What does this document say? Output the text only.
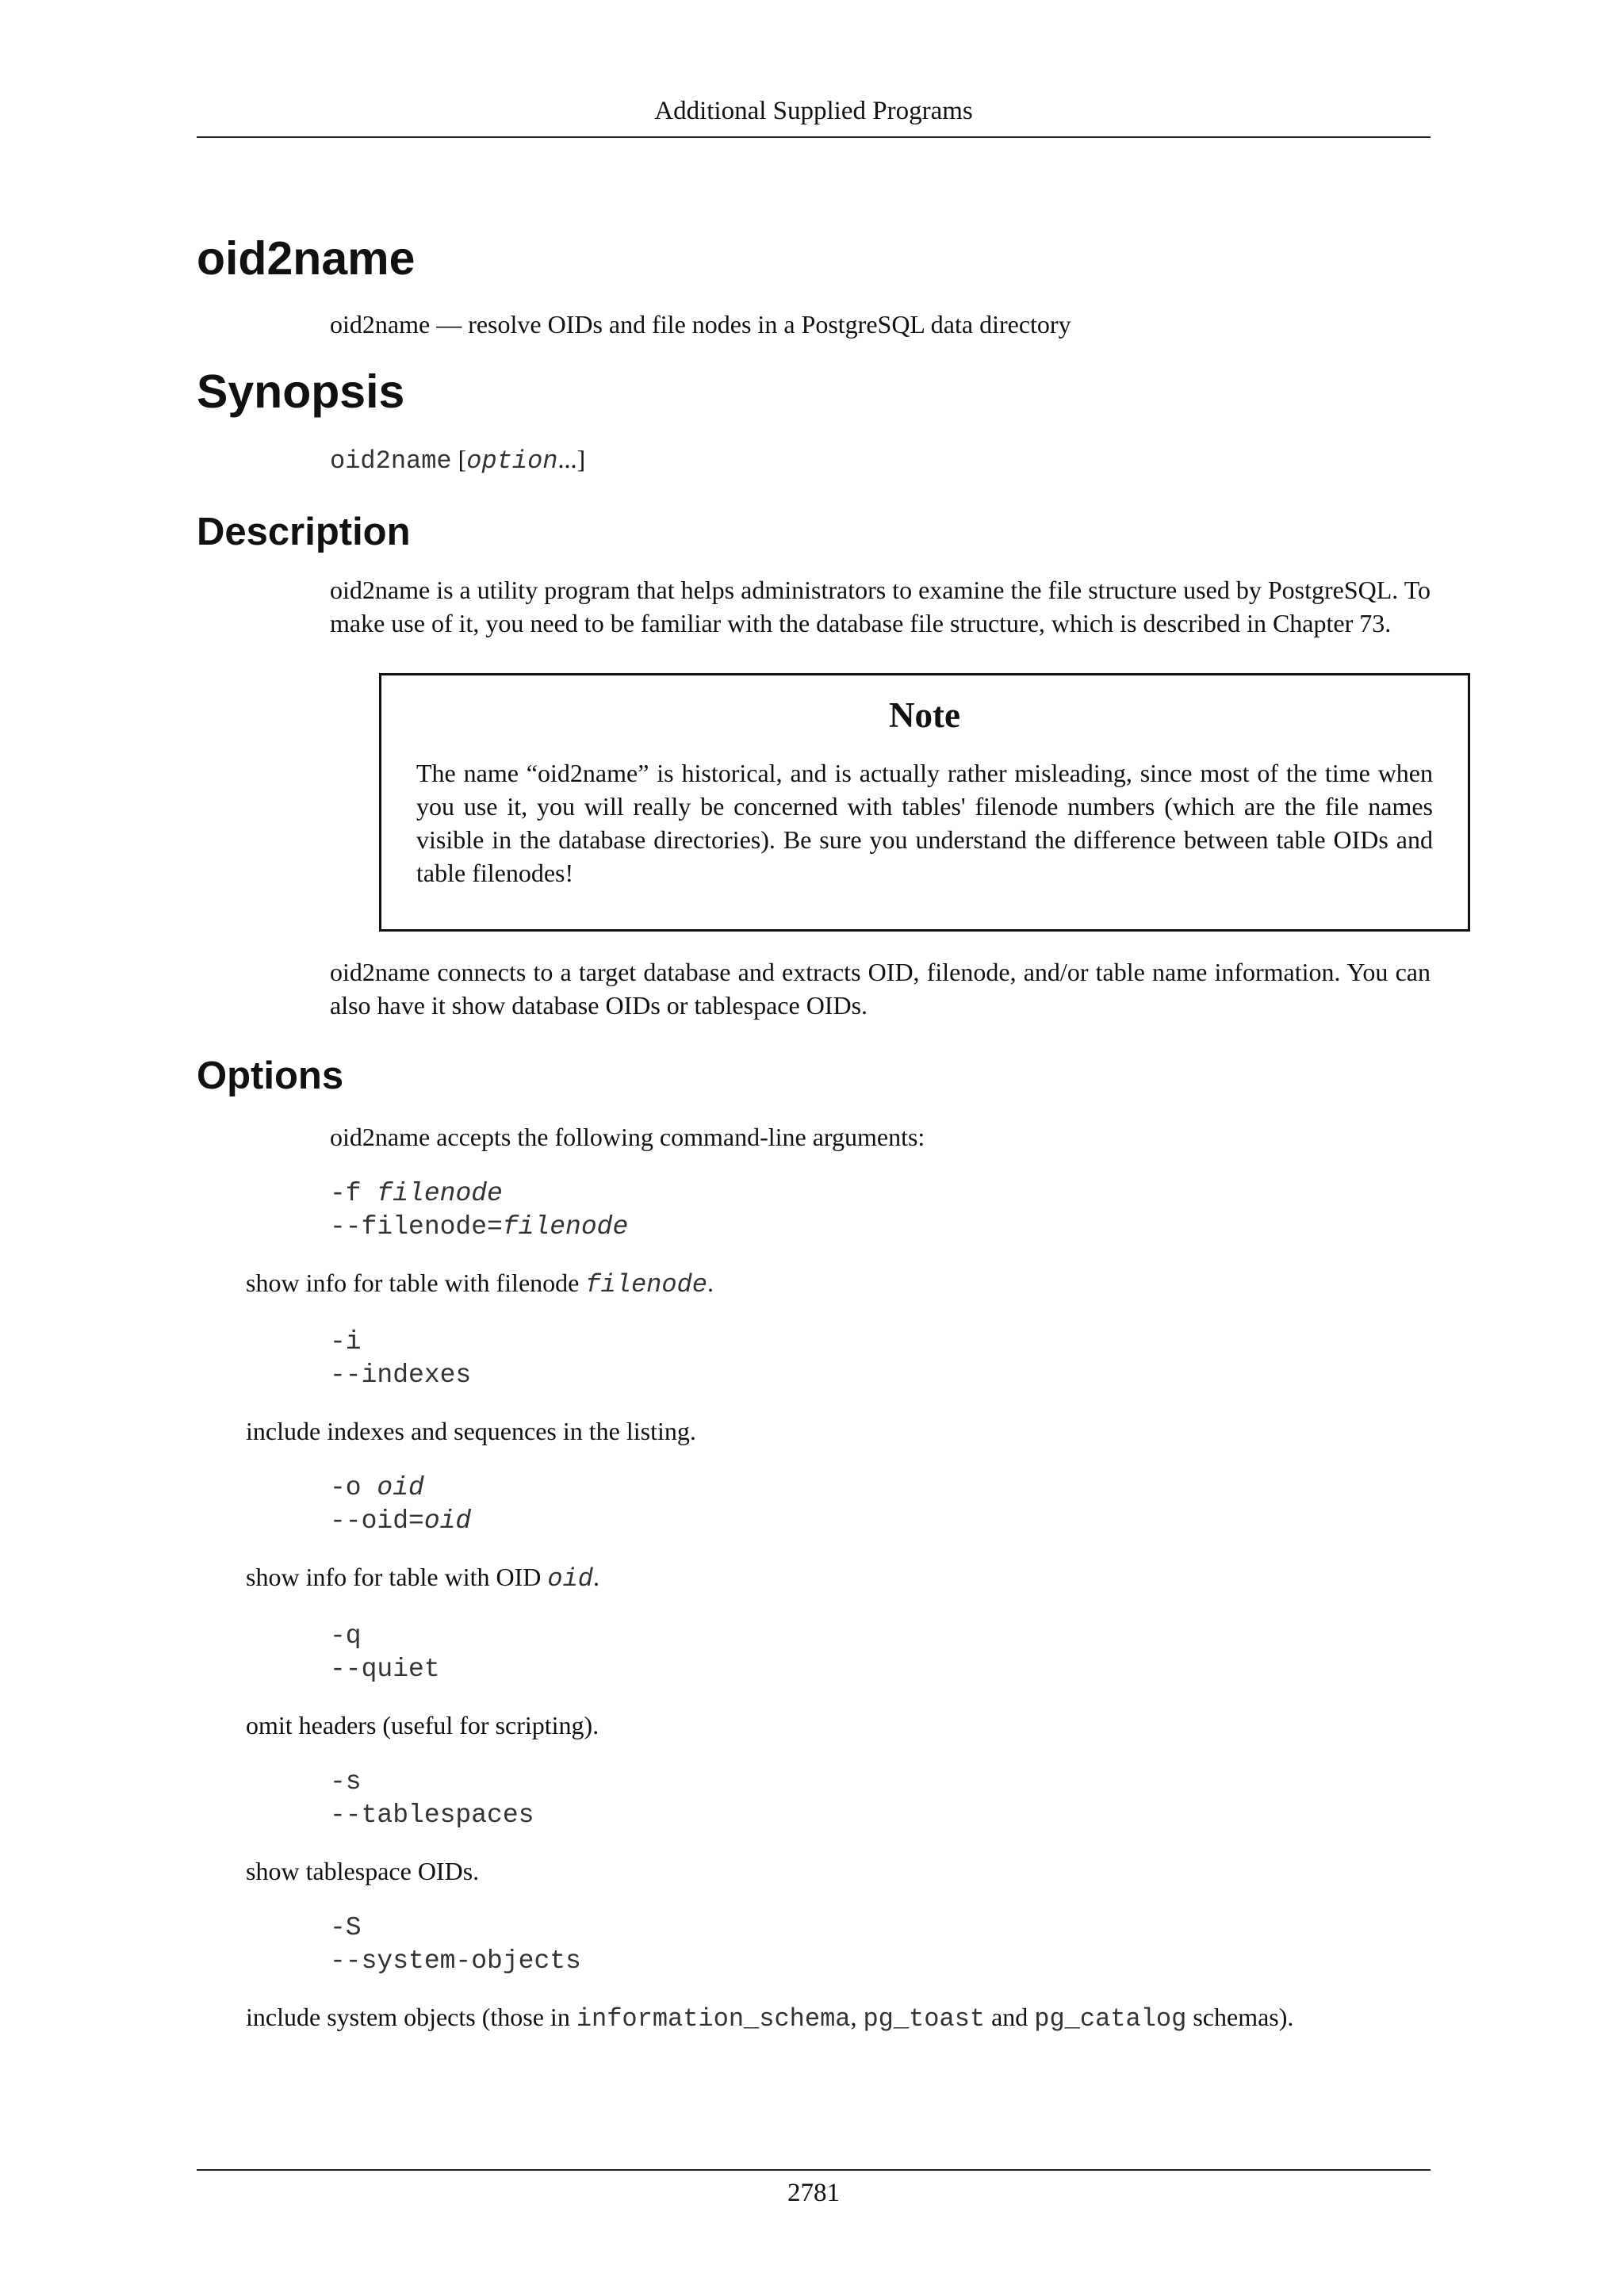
Additional Supplied Programs
oid2name

oid2name — resolve OIDs and file nodes in a PostgreSQL data directory

Synopsis

oid2name [option...]

Description

oid2name is a utility program that helps administrators to examine the file structure used by PostgreSQL. To make use of it, you need to be familiar with the database file structure, which is described in Chapter 73.

Note

The name “oid2name” is historical, and is actually rather misleading, since most of the time when you use it, you will really be concerned with tables' filenode numbers (which are the file names visible in the database directories). Be sure you understand the difference between table OIDs and table filenodes!

oid2name connects to a target database and extracts OID, filenode, and/or table name information. You can also have it show database OIDs or tablespace OIDs.

Options

oid2name accepts the following command-line arguments:

-f filenode
--filenode=filenode

show info for table with filenode filenode.

-i
--indexes

include indexes and sequences in the listing.

-o oid
--oid=oid

show info for table with OID oid.

-q
--quiet

omit headers (useful for scripting).

-s
--tablespaces

show tablespace OIDs.

-S
--system-objects

include system objects (those in information_schema, pg_toast and pg_catalog schemas).

2781
